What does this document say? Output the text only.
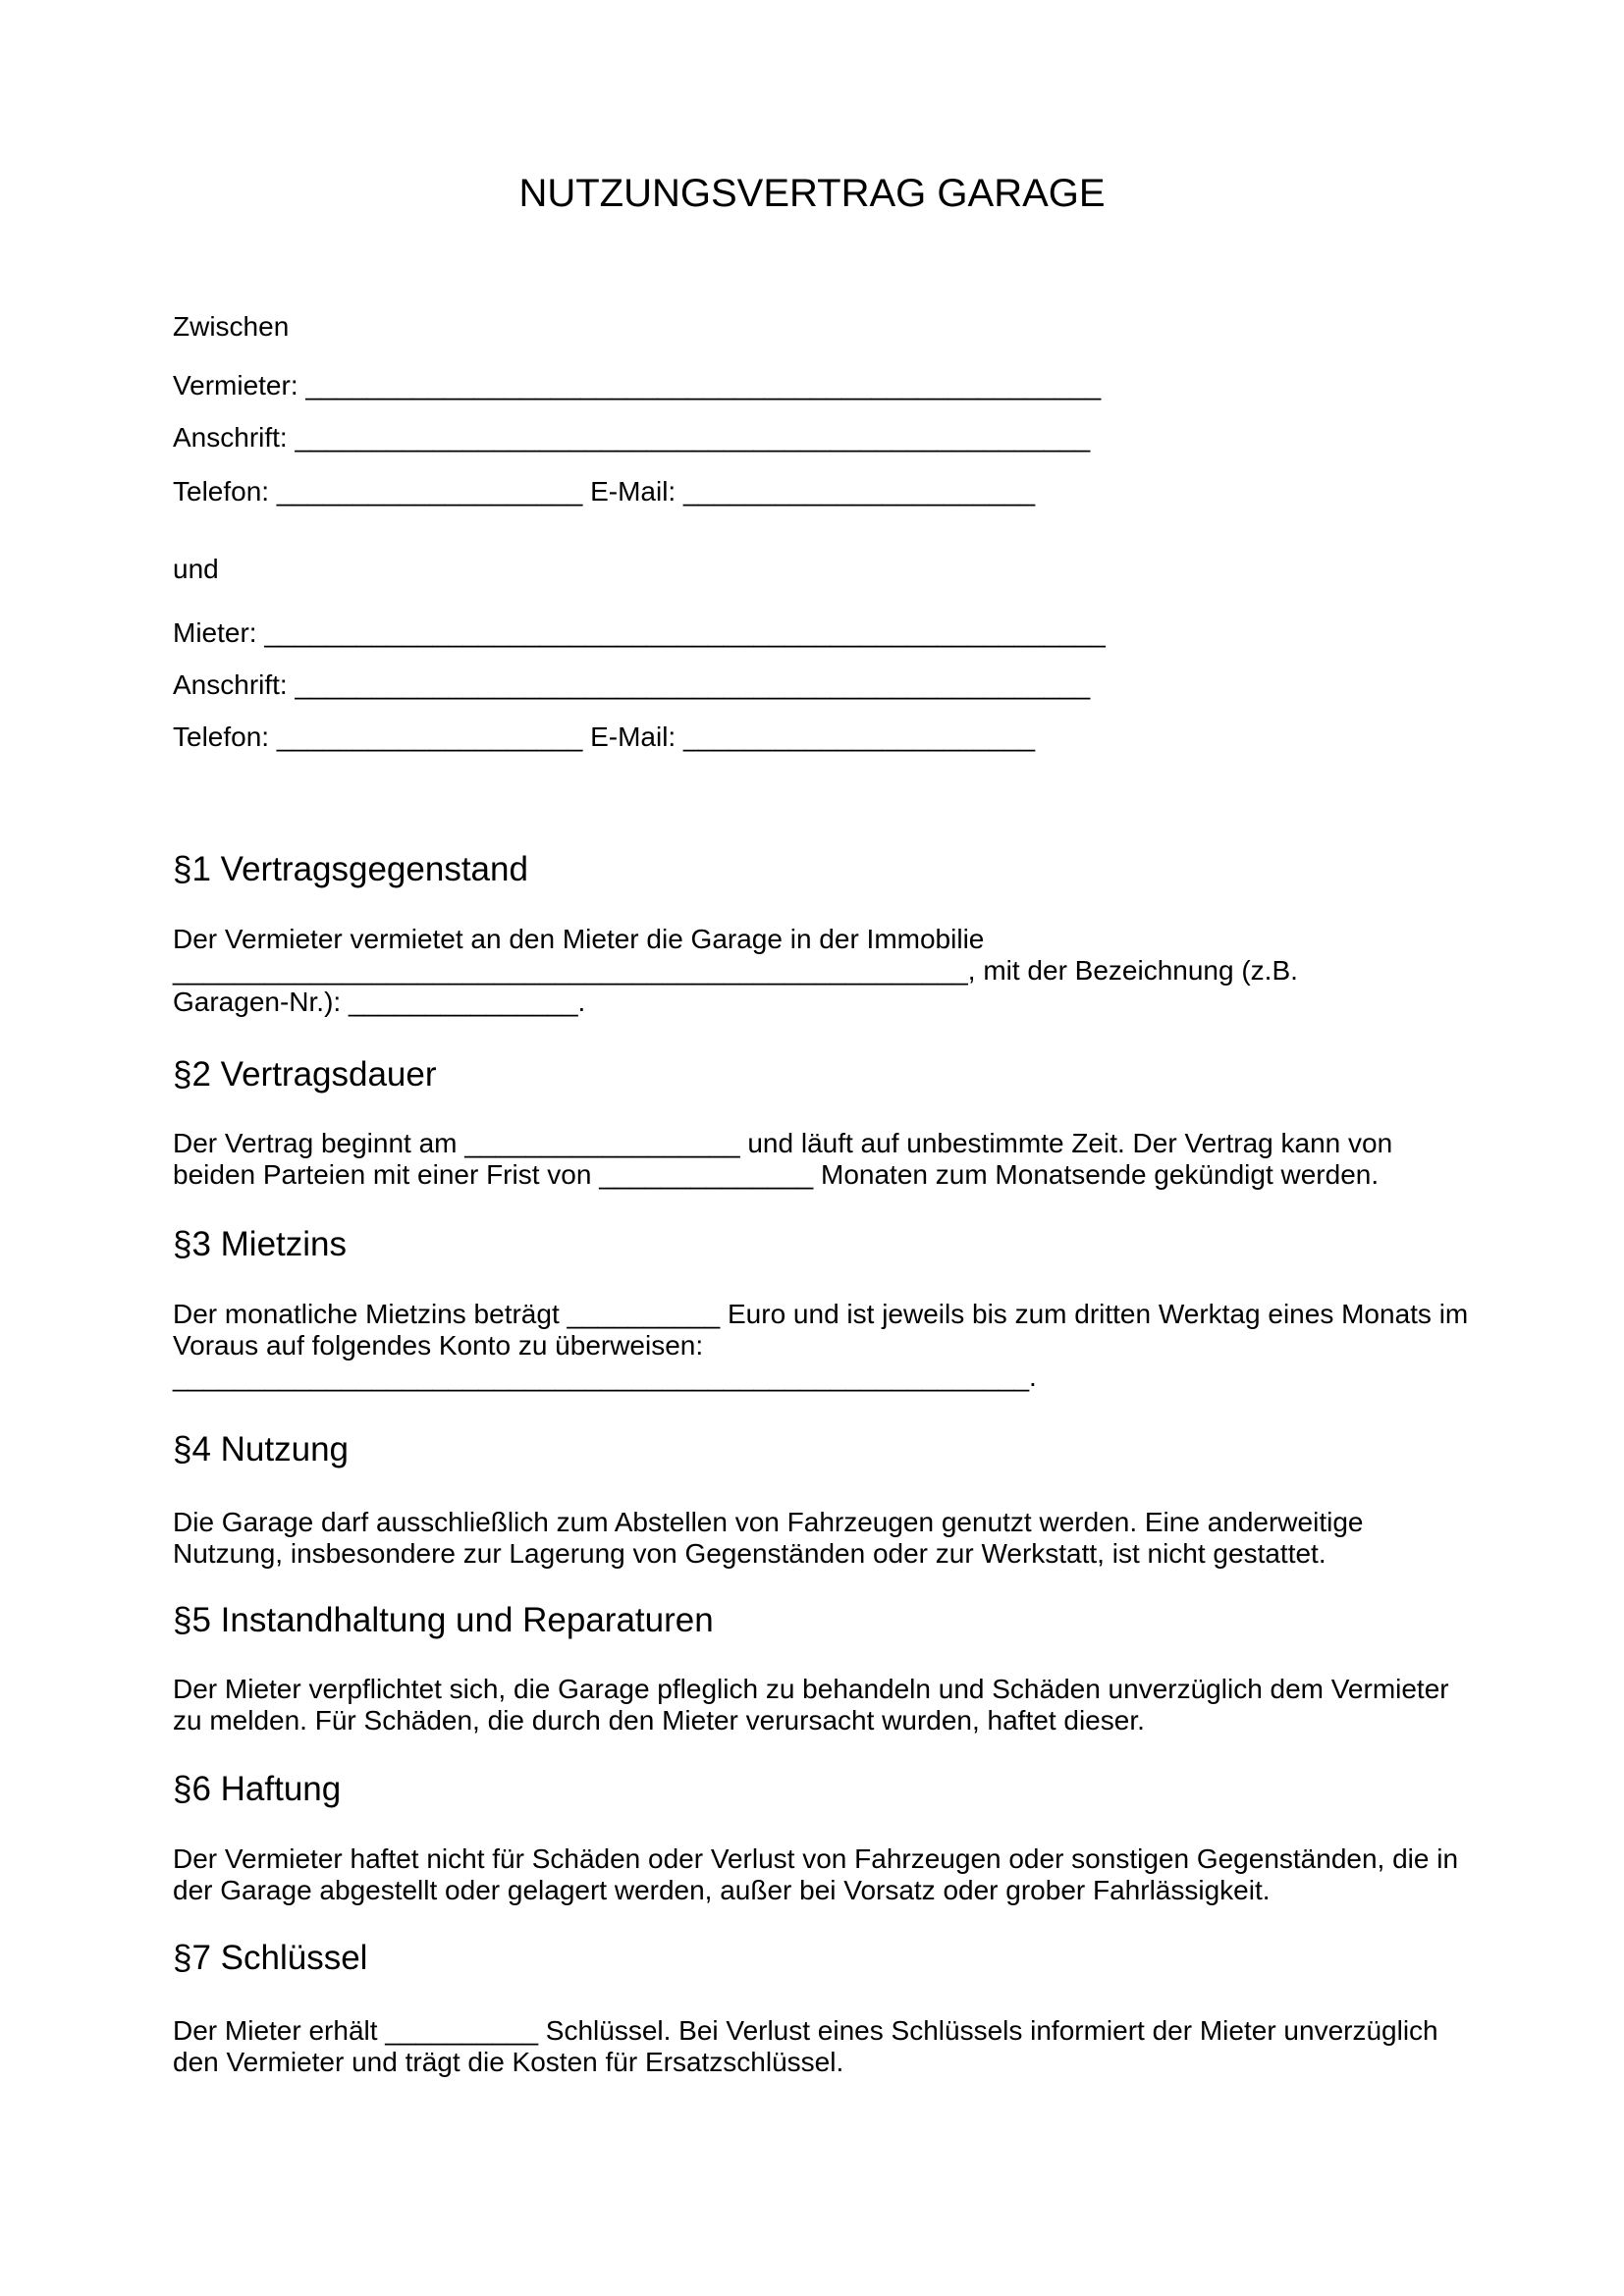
NUTZUNGSVERTRAG GARAGE
Zwischen
Vermieter: ____________________________________________________
Anschrift: ____________________________________________________
Telefon: ____________________ E-Mail: _______________________
und
Mieter: _______________________________________________________
Anschrift: ____________________________________________________
Telefon: ____________________ E-Mail: _______________________
§1 Vertragsgegenstand
Der Vermieter vermietet an den Mieter die Garage in der Immobilie
____________________________________________________, mit der Bezeichnung (z.B.
Garagen-Nr.): _______________.
§2 Vertragsdauer
Der Vertrag beginnt am __________________ und läuft auf unbestimmte Zeit. Der Vertrag kann von
beiden Parteien mit einer Frist von ______________ Monaten zum Monatsende gekündigt werden.
§3 Mietzins
Der monatliche Mietzins beträgt __________ Euro und ist jeweils bis zum dritten Werktag eines Monats im
Voraus auf folgendes Konto zu überweisen:
________________________________________________________.
§4 Nutzung
Die Garage darf ausschließlich zum Abstellen von Fahrzeugen genutzt werden. Eine anderweitige
Nutzung, insbesondere zur Lagerung von Gegenständen oder zur Werkstatt, ist nicht gestattet.
§5 Instandhaltung und Reparaturen
Der Mieter verpflichtet sich, die Garage pfleglich zu behandeln und Schäden unverzüglich dem Vermieter
zu melden. Für Schäden, die durch den Mieter verursacht wurden, haftet dieser.
§6 Haftung
Der Vermieter haftet nicht für Schäden oder Verlust von Fahrzeugen oder sonstigen Gegenständen, die in
der Garage abgestellt oder gelagert werden, außer bei Vorsatz oder grober Fahrlässigkeit.
§7 Schlüssel
Der Mieter erhält __________ Schlüssel. Bei Verlust eines Schlüssels informiert der Mieter unverzüglich
den Vermieter und trägt die Kosten für Ersatzschlüssel.
